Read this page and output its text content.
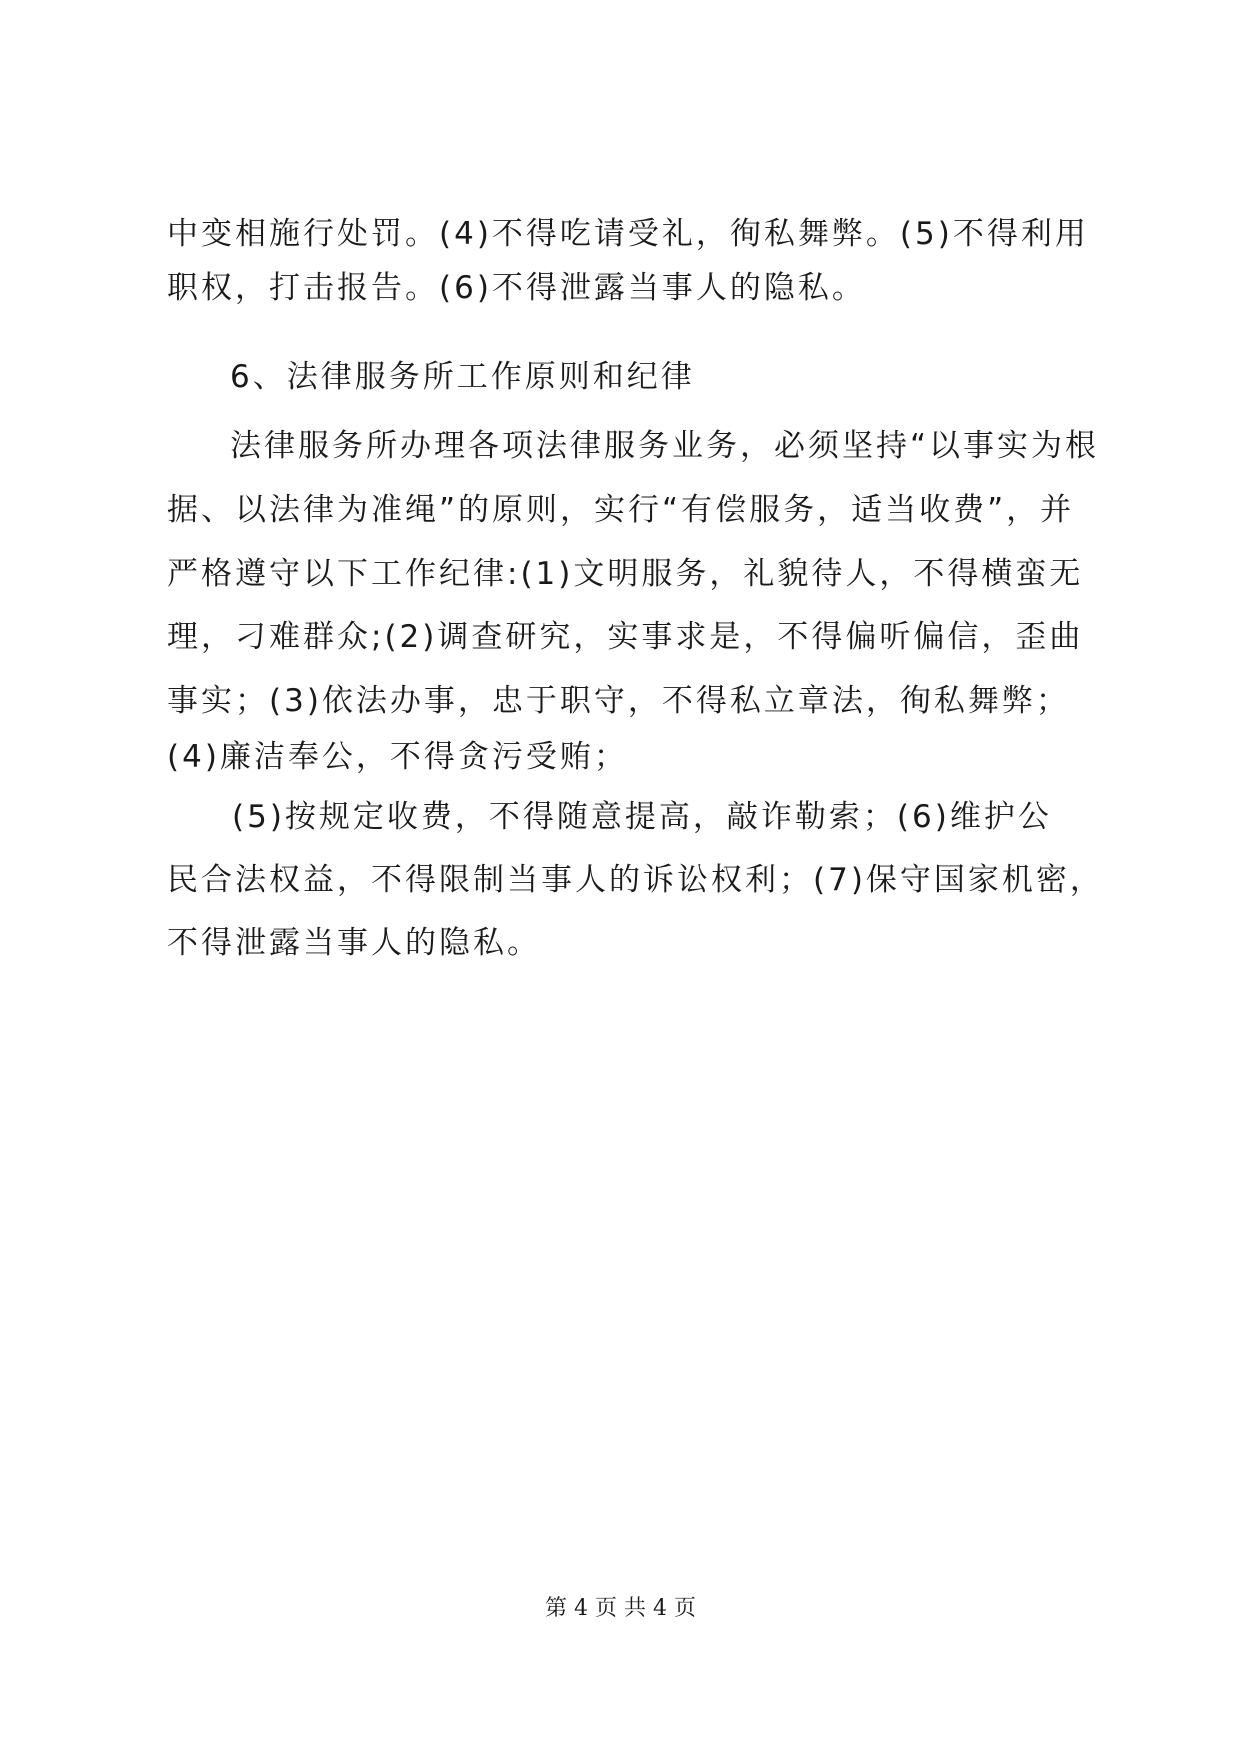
中变相施行处罚。(4)不得吃请受礼，徇私舞弊。(5)不得利用
职权，打击报告。(6)不得泄露当事人的隐私。
6、法律服务所工作原则和纪律
法律服务所办理各项法律服务业务，必须坚持“以事实为根
据、以法律为准绳”的原则，实行“有偿服务，适当收费”，并
严格遵守以下工作纪律:(1)文明服务，礼貌待人，不得横蛮无
理，刁难群众;(2)调查研究，实事求是，不得偏听偏信，歪曲
事实；(3)依法办事，忠于职守，不得私立章法，徇私舞弊；
(4)廉洁奉公，不得贪污受贿；
(5)按规定收费，不得随意提高，敲诈勒索；(6)维护公
民合法权益，不得限制当事人的诉讼权利；(7)保守国家机密，
不得泄露当事人的隐私。
第 4 页 共 4 页
